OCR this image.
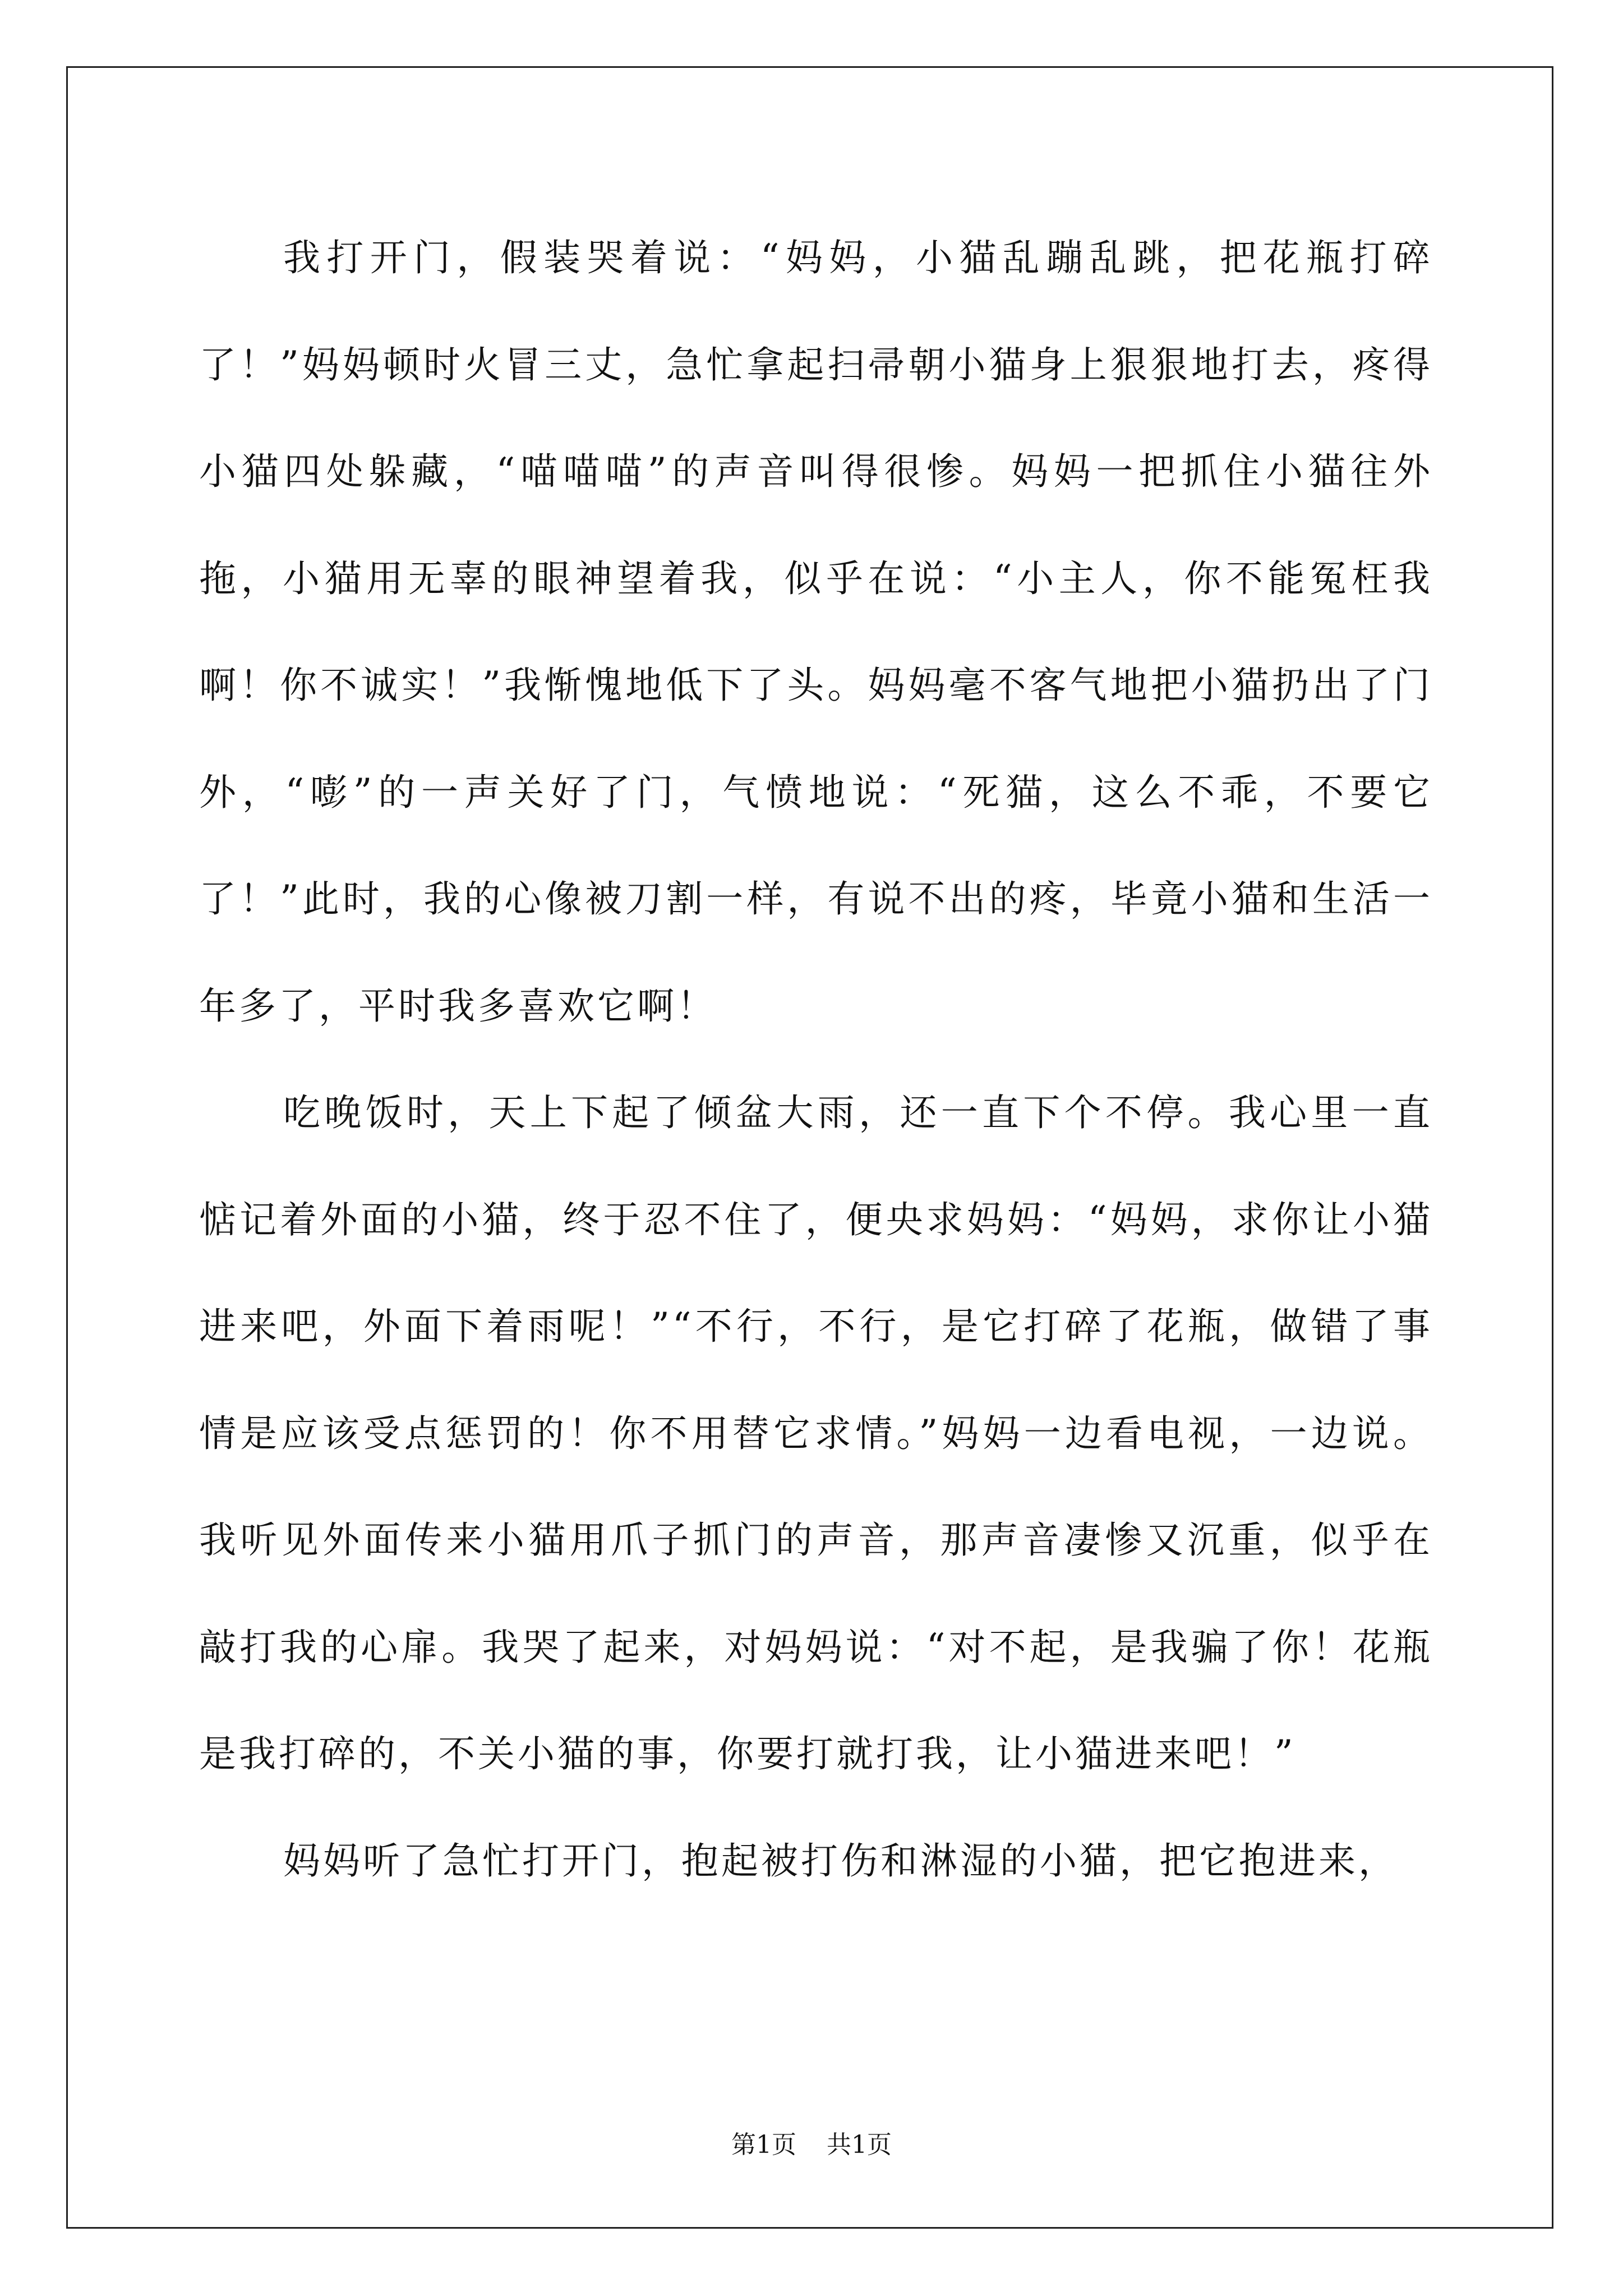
我打开门，假装哭着说：“妈妈，小猫乱蹦乱跳，把花瓶打碎了！”妈妈顿时火冒三丈，急忙拿起扫帚朝小猫身上狠狠地打去，疼得小猫四处躲藏，“喵喵喵”的声音叫得很惨。妈妈一把抓住小猫往外拖，小猫用无辜的眼神望着我，似乎在说：“小主人，你不能冤枉我啊！你不诚实！”我惭愧地低下了头。妈妈毫不客气地把小猫扔出了门外，“嘭”的一声关好了门，气愤地说：“死猫，这么不乖，不要它了！”此时，我的心像被刀割一样，有说不出的疼，毕竟小猫和生活一年多了，平时我多喜欢它啊！

吃晚饭时，天上下起了倾盆大雨，还一直下个不停。我心里一直惦记着外面的小猫，终于忍不住了，便央求妈妈：“妈妈，求你让小猫进来吧，外面下着雨呢！”“不行，不行，是它打碎了花瓶，做错了事情是应该受点惩罚的！你不用替它求情。”妈妈一边看电视，一边说。我听见外面传来小猫用爪子抓门的声音，那声音凄惨又沉重，似乎在敲打我的心扉。我哭了起来，对妈妈说：“对不起，是我骗了你！花瓶是我打碎的，不关小猫的事，你要打就打我，让小猫进来吧！”

妈妈听了急忙打开门，抱起被打伤和淋湿的小猫，把它抱进来，

第1页 共1页
